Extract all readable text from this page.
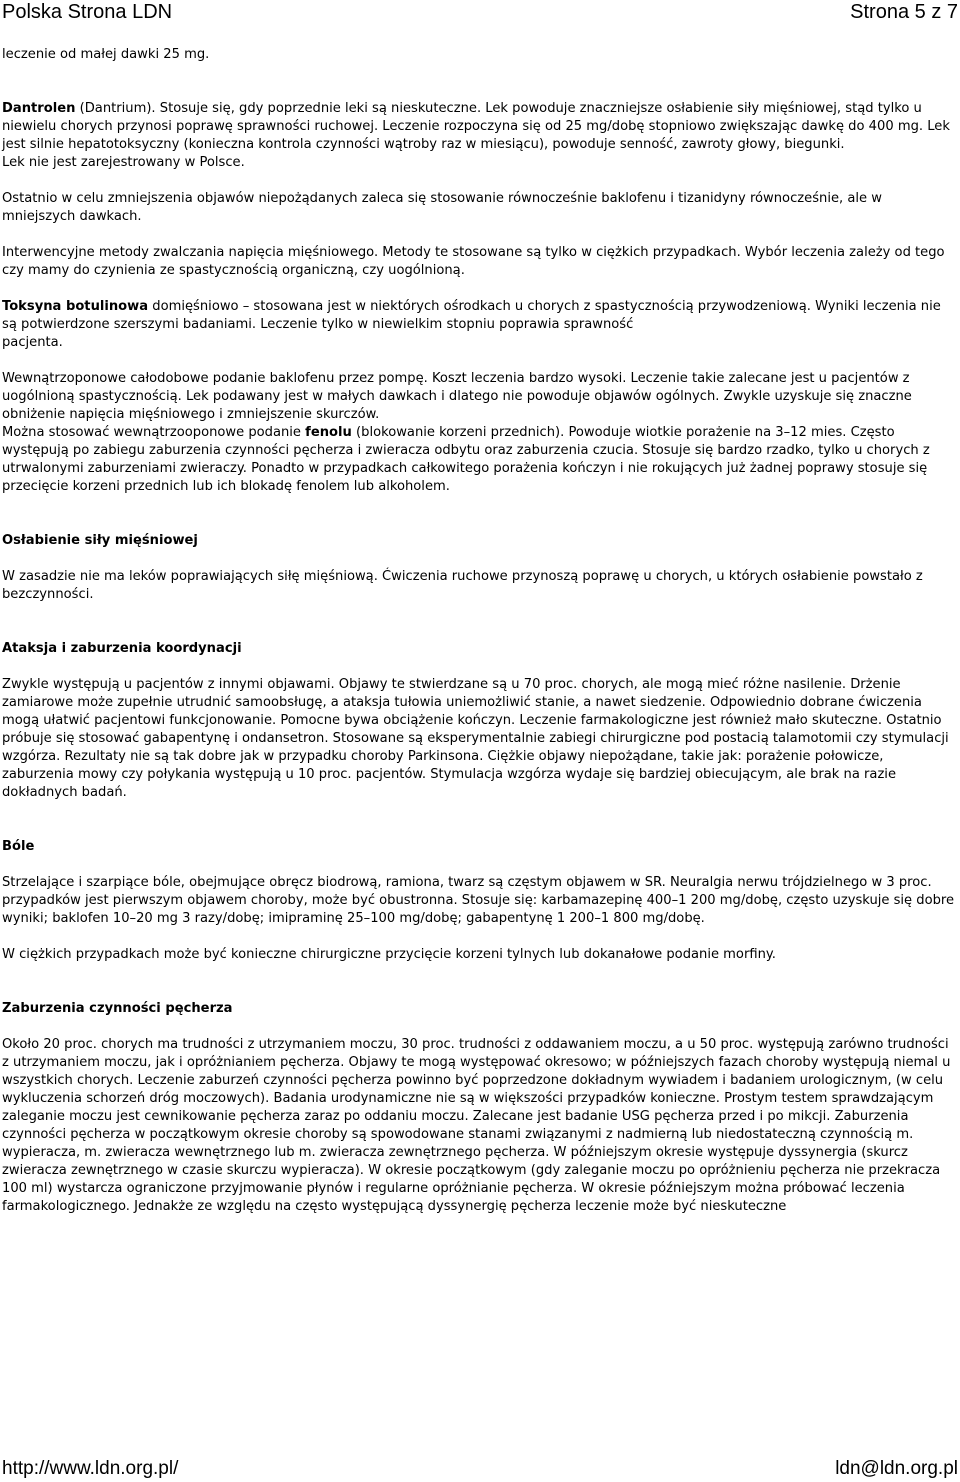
Polska Strona LDN	Strona 5 z 7

leczenie od małej dawki 25 mg.

Dantrolen (Dantrium). Stosuje się, gdy poprzednie leki są nieskuteczne. Lek powoduje znaczniejsze osłabienie siły mięśniowej, stąd tylko u niewielu chorych przynosi poprawę sprawności ruchowej. Leczenie rozpoczyna się od 25 mg/dobę stopniowo zwiększając dawkę do 400 mg. Lek jest silnie hepatotoksyczny (konieczna kontrola czynności wątroby raz w miesiącu), powoduje senność, zawroty głowy, biegunki.
Lek nie jest zarejestrowany w Polsce.

Ostatnio w celu zmniejszenia objawów niepożądanych zaleca się stosowanie równocześnie baklofenu i tizanidyny równocześnie, ale w mniejszych dawkach.

Interwencyjne metody zwalczania napięcia mięśniowego. Metody te stosowane są tylko w ciężkich przypadkach. Wybór leczenia zależy od tego czy mamy do czynienia ze spastycznością organiczną, czy uogólnioną.

Toksyna botulinowa domięśniowo – stosowana jest w niektórych ośrodkach u chorych z spastycznością przywodzeniową. Wyniki leczenia nie są potwierdzone szerszymi badaniami. Leczenie tylko w niewielkim stopniu poprawia sprawność
pacjenta.

Wewnątrzoponowe całodobowe podanie baklofenu przez pompę. Koszt leczenia bardzo wysoki. Leczenie takie zalecane jest u pacjentów z uogólnioną spastycznością. Lek podawany jest w małych dawkach i dlatego nie powoduje objawów ogólnych. Zwykle uzyskuje się znaczne obniżenie napięcia mięśniowego i zmniejszenie skurczów.
Można stosować wewnątrzooponowe podanie fenolu (blokowanie korzeni przednich). Powoduje wiotkie porażenie na 3–12 mies. Często występują po zabiegu zaburzenia czynności pęcherza i zwieracza odbytu oraz zaburzenia czucia. Stosuje się bardzo rzadko, tylko u chorych z utrwalonymi zaburzeniami zwieraczy. Ponadto w przypadkach całkowitego porażenia kończyn i nie rokujących już żadnej poprawy stosuje się przecięcie korzeni przednich lub ich blokadę fenolem lub alkoholem.

Osłabienie siły mięśniowej

W zasadzie nie ma leków poprawiających siłę mięśniową. Ćwiczenia ruchowe przynoszą poprawę u chorych, u których osłabienie powstało z bezczynności.

Ataksja i zaburzenia koordynacji

Zwykle występują u pacjentów z innymi objawami. Objawy te stwierdzane są u 70 proc. chorych, ale mogą mieć różne nasilenie. Drżenie zamiarowe może zupełnie utrudnić samoobsługę, a ataksja tułowia uniemożliwić stanie, a nawet siedzenie. Odpowiednio dobrane ćwiczenia mogą ułatwić pacjentowi funkcjonowanie. Pomocne bywa obciążenie kończyn. Leczenie farmakologiczne jest również mało skuteczne. Ostatnio próbuje się stosować gabapentynę i ondansetron. Stosowane są eksperymentalnie zabiegi chirurgiczne pod postacią talamotomii czy stymulacji wzgórza. Rezultaty nie są tak dobre jak w przypadku choroby Parkinsona. Ciężkie objawy niepożądane, takie jak: porażenie połowicze, zaburzenia mowy czy połykania występują u 10 proc. pacjentów. Stymulacja wzgórza wydaje się bardziej obiecującym, ale brak na razie dokładnych badań.

Bóle

Strzelające i szarpiące bóle, obejmujące obręcz biodrową, ramiona, twarz są częstym objawem w SR. Neuralgia nerwu trójdzielnego w 3 proc. przypadków jest pierwszym objawem choroby, może być obustronna. Stosuje się: karbamazepinę 400–1 200 mg/dobę, często uzyskuje się dobre wyniki; baklofen 10–20 mg 3 razy/dobę; imipraminę 25–100 mg/dobę; gabapentynę 1 200–1 800 mg/dobę.

W ciężkich przypadkach może być konieczne chirurgiczne przycięcie korzeni tylnych lub dokanałowe podanie morfiny.

Zaburzenia czynności pęcherza

Około 20 proc. chorych ma trudności z utrzymaniem moczu, 30 proc. trudności z oddawaniem moczu, a u 50 proc. występują zarówno trudności z utrzymaniem moczu, jak i opróżnianiem pęcherza. Objawy te mogą występować okresowo; w późniejszych fazach choroby występują niemal u wszystkich chorych. Leczenie zaburzeń czynności pęcherza powinno być poprzedzone dokładnym wywiadem i badaniem urologicznym, (w celu wykluczenia schorzeń dróg moczowych). Badania urodynamiczne nie są w większości przypadków konieczne. Prostym testem sprawdzającym zaleganie moczu jest cewnikowanie pęcherza zaraz po oddaniu moczu. Zalecane jest badanie USG pęcherza przed i po mikcji. Zaburzenia czynności pęcherza w początkowym okresie choroby są spowodowane stanami związanymi z nadmierną lub niedostateczną czynnością m. wypieracza, m. zwieracza wewnętrznego lub m. zwieracza zewnętrznego pęcherza. W późniejszym okresie występuje dyssynergia (skurcz zwieracza zewnętrznego w czasie skurczu wypieracza). W okresie początkowym (gdy zaleganie moczu po opróżnieniu pęcherza nie przekracza 100 ml) wystarcza ograniczone przyjmowanie płynów i regularne opróżnianie pęcherza. W okresie późniejszym można próbować leczenia farmakologicznego. Jednakże ze względu na często występującą dyssynergię pęcherza leczenie może być nieskuteczne

http://www.ldn.org.pl/	ldn@ldn.org.pl
